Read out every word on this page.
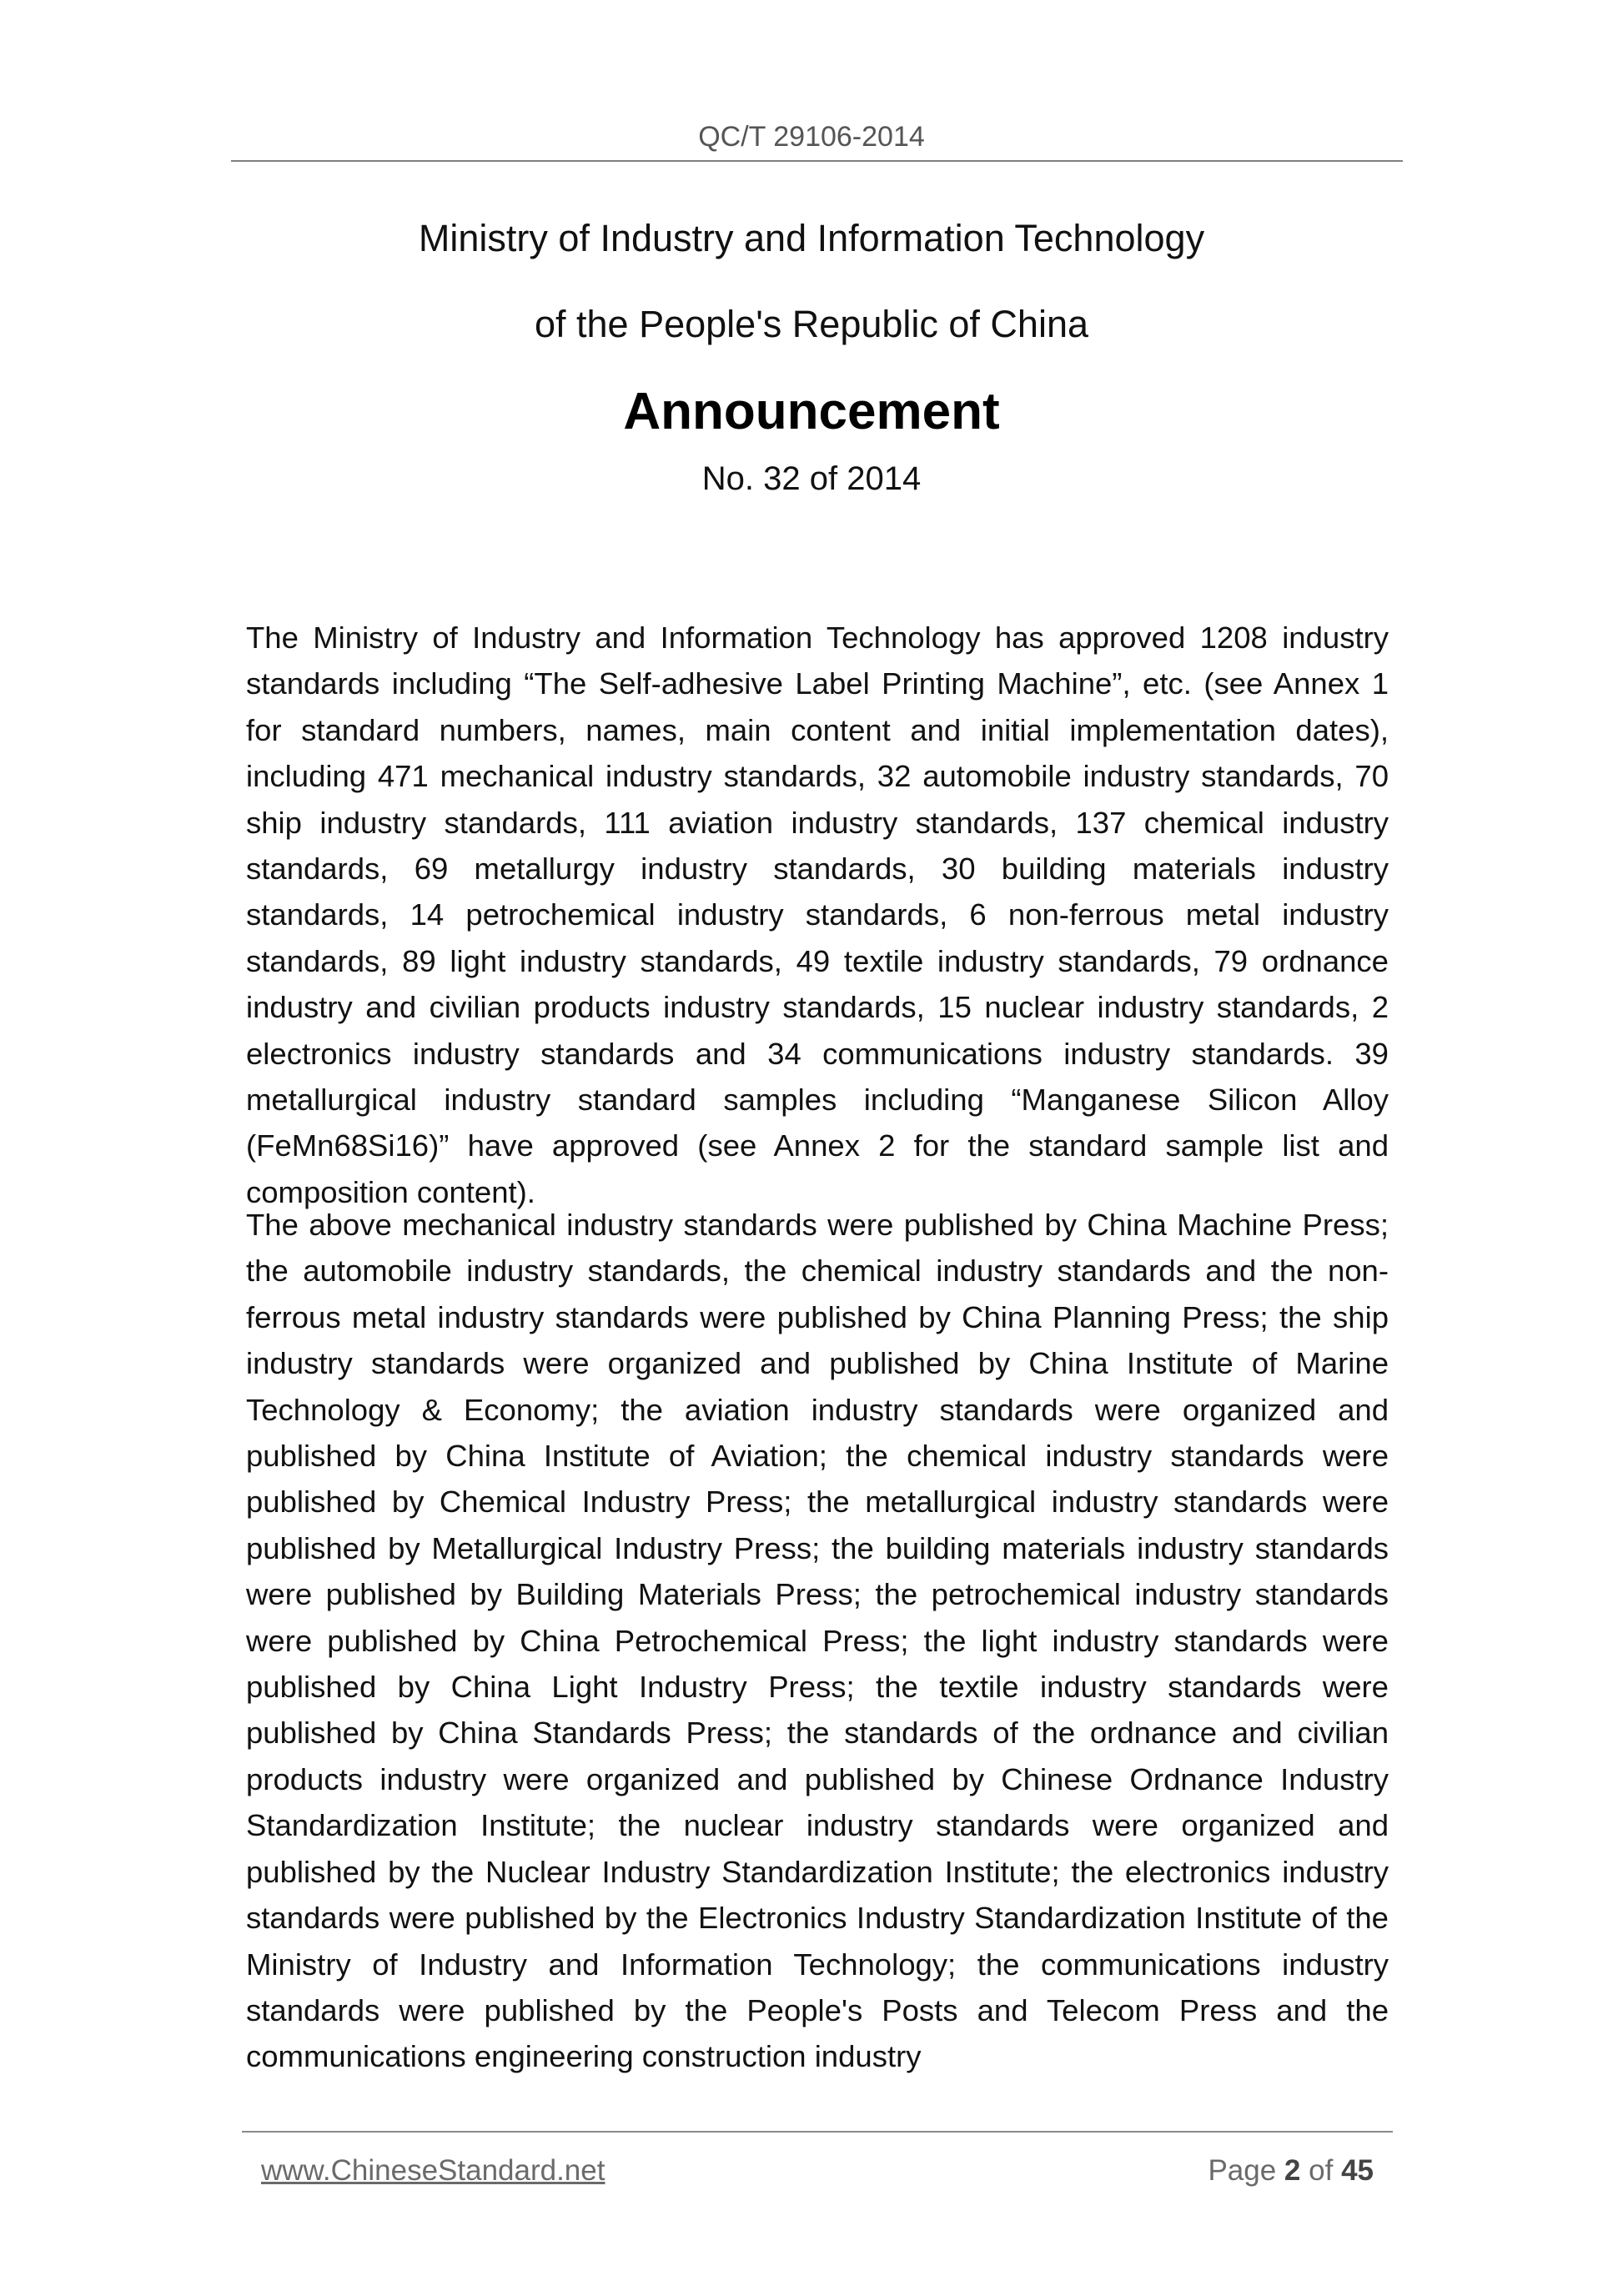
QC/T 29106-2014
Ministry of Industry and Information Technology
of the People's Republic of China
Announcement
No. 32 of 2014

The Ministry of Industry and Information Technology has approved 1208 industry standards including “The Self-adhesive Label Printing Machine”, etc. (see Annex 1 for standard numbers, names, main content and initial implementation dates), including 471 mechanical industry standards, 32 automobile industry standards, 70 ship industry standards, 111 aviation industry standards, 137 chemical industry standards, 69 metallurgy industry standards, 30 building materials industry standards, 14 petrochemical industry standards, 6 non-ferrous metal industry standards, 89 light industry standards, 49 textile industry standards, 79 ordnance industry and civilian products industry standards, 15 nuclear industry standards, 2 electronics industry standards and 34 communications industry standards. 39 metallurgical industry standard samples including “Manganese Silicon Alloy (FeMn68Si16)” have approved (see Annex 2 for the standard sample list and composition content).

The above mechanical industry standards were published by China Machine Press; the automobile industry standards, the chemical industry standards and the non-ferrous metal industry standards were published by China Planning Press; the ship industry standards were organized and published by China Institute of Marine Technology & Economy; the aviation industry standards were organized and published by China Institute of Aviation; the chemical industry standards were published by Chemical Industry Press; the metallurgical industry standards were published by Metallurgical Industry Press; the building materials industry standards were published by Building Materials Press; the petrochemical industry standards were published by China Petrochemical Press; the light industry standards were published by China Light Industry Press; the textile industry standards were published by China Standards Press; the standards of the ordnance and civilian products industry were organized and published by Chinese Ordnance Industry Standardization Institute; the nuclear industry standards were organized and published by the Nuclear Industry Standardization Institute; the electronics industry standards were published by the Electronics Industry Standardization Institute of the Ministry of Industry and Information Technology; the communications industry standards were published by the People's Posts and Telecom Press and the communications engineering construction industry

www.ChineseStandard.net	Page 2 of 45
